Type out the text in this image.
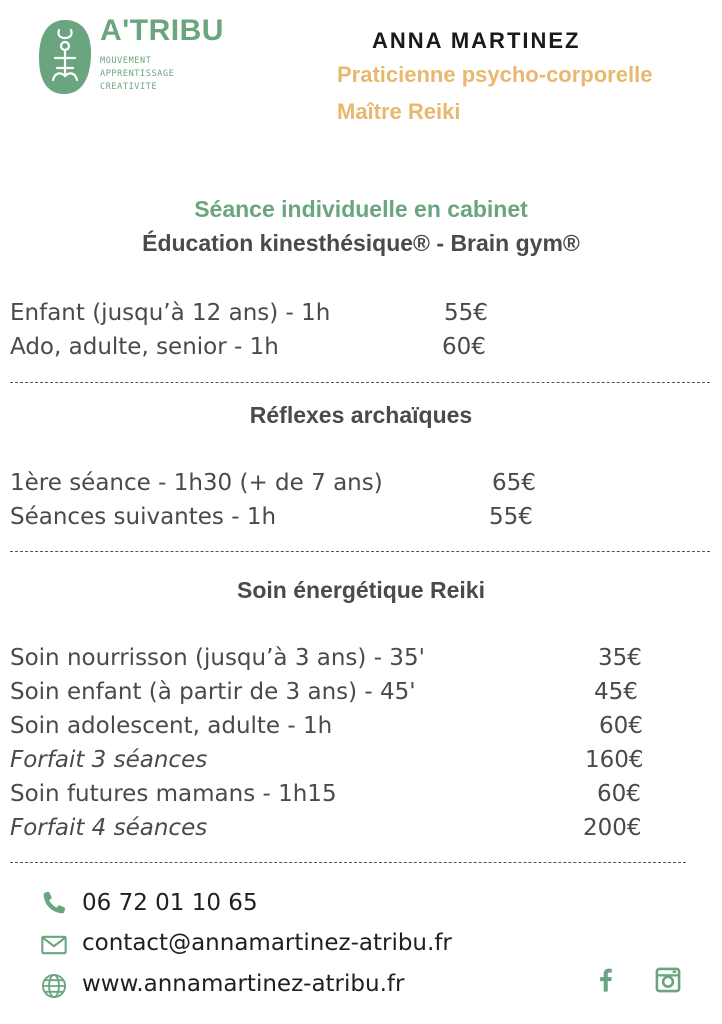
A'TRIBU
MOUVEMENT
APPRENTISSAGE
CREATIVITE
ANNA MARTINEZ
Praticienne psycho-corporelle
Maître Reiki
Séance individuelle en cabinet
Éducation kinesthésique® - Brain gym®
Enfant (jusqu’à 12 ans) - 1h	55€
Ado, adulte, senior - 1h	60€
Réflexes archaïques
1ère séance - 1h30 (+ de 7 ans)	65€
Séances suivantes - 1h	55€
Soin énergétique Reiki
Soin nourrisson (jusqu’à 3 ans) - 35'	35€
Soin enfant (à partir de 3 ans) - 45'	45€
Soin adolescent, adulte - 1h	60€
Forfait 3 séances	160€
Soin futures mamans - 1h15	60€
Forfait 4 séances	200€
06 72 01 10 65
contact@annamartinez-atribu.fr
www.annamartinez-atribu.fr
